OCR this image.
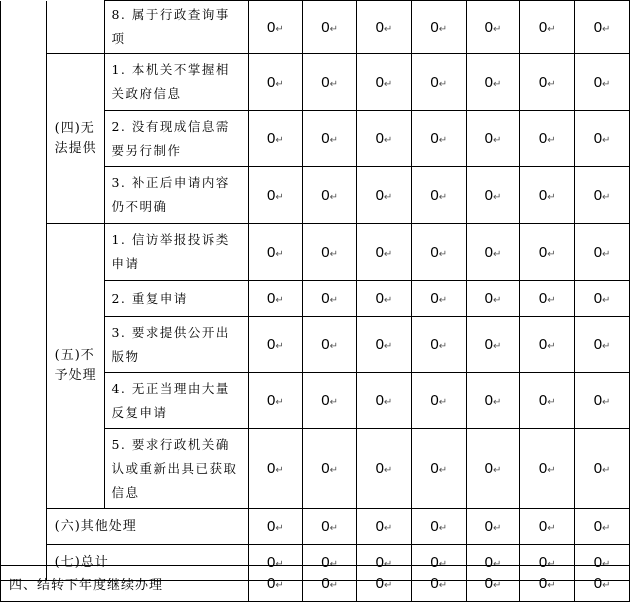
		8. 属于行政查询事项	0↵	0↵	0↵	0↵	0↵	0↵	0↵
	(四)无法提供	1. 本机关不掌握相关政府信息	0↵	0↵	0↵	0↵	0↵	0↵	0↵
		2. 没有现成信息需要另行制作	0↵	0↵	0↵	0↵	0↵	0↵	0↵
		3. 补正后申请内容仍不明确	0↵	0↵	0↵	0↵	0↵	0↵	0↵
	(五)不予处理	1. 信访举报投诉类申请	0↵	0↵	0↵	0↵	0↵	0↵	0↵
		2. 重复申请	0↵	0↵	0↵	0↵	0↵	0↵	0↵
		3. 要求提供公开出版物	0↵	0↵	0↵	0↵	0↵	0↵	0↵
		4. 无正当理由大量反复申请	0↵	0↵	0↵	0↵	0↵	0↵	0↵
		5. 要求行政机关确认或重新出具已获取信息	0↵	0↵	0↵	0↵	0↵	0↵	0↵
	(六)其他处理		0↵	0↵	0↵	0↵	0↵	0↵	0↵
	(七)总计		0↵	0↵	0↵	0↵	0↵	0↵	0↵
四、结转下年度继续办理	0↵	0↵	0↵	0↵	0↵	0↵	0↵
